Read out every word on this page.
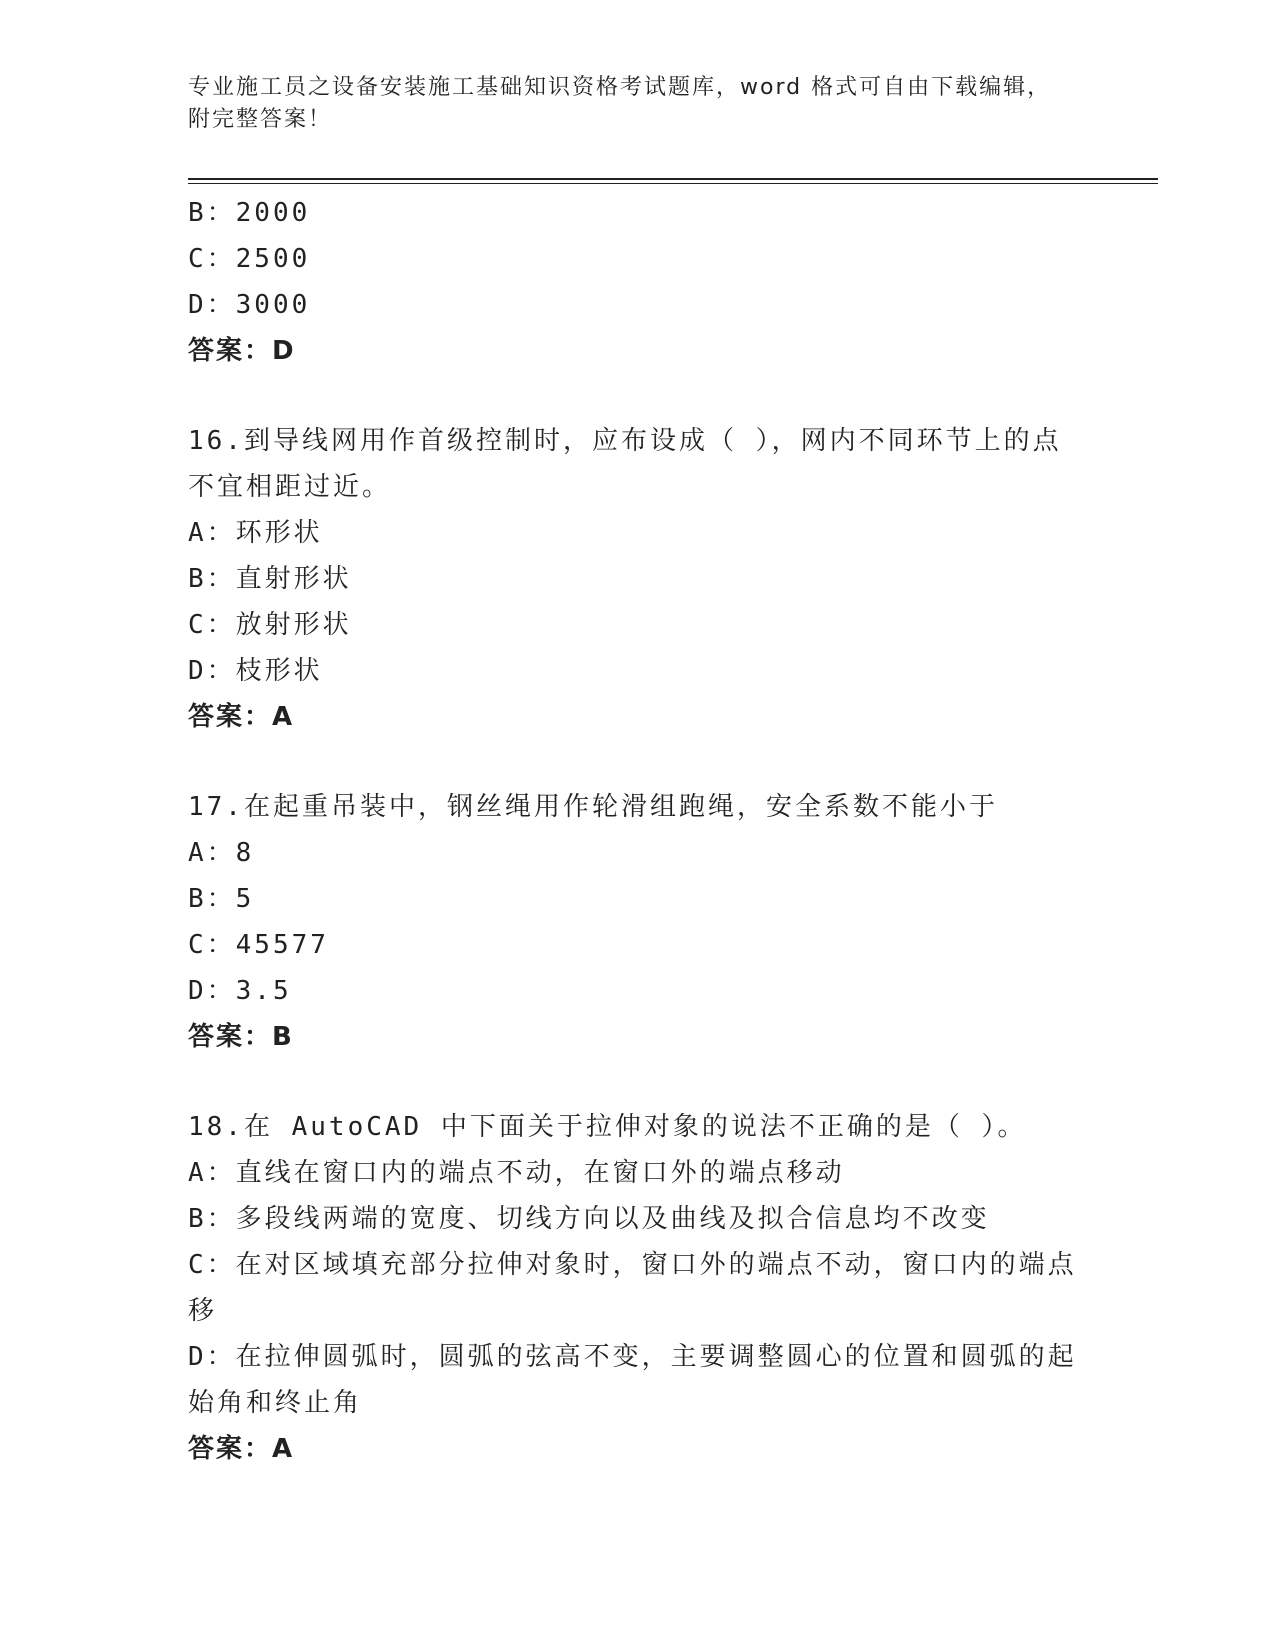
专业施工员之设备安装施工基础知识资格考试题库，word 格式可自由下载编辑，
附完整答案！
B：2000
C：2500
D：3000
答案：D
16.到导线网用作首级控制时，应布设成（ ），网内不同环节上的点
不宜相距过近。
A：环形状
B：直射形状
C：放射形状
D：枝形状
答案：A
17.在起重吊装中，钢丝绳用作轮滑组跑绳，安全系数不能小于
A：8
B：5
C：45577
D：3.5
答案：B
18.在 AutoCAD 中下面关于拉伸对象的说法不正确的是（ ）。
A：直线在窗口内的端点不动，在窗口外的端点移动
B：多段线两端的宽度、切线方向以及曲线及拟合信息均不改变
C：在对区域填充部分拉伸对象时，窗口外的端点不动，窗口内的端点
移
D：在拉伸圆弧时，圆弧的弦高不变，主要调整圆心的位置和圆弧的起
始角和终止角
答案：A
